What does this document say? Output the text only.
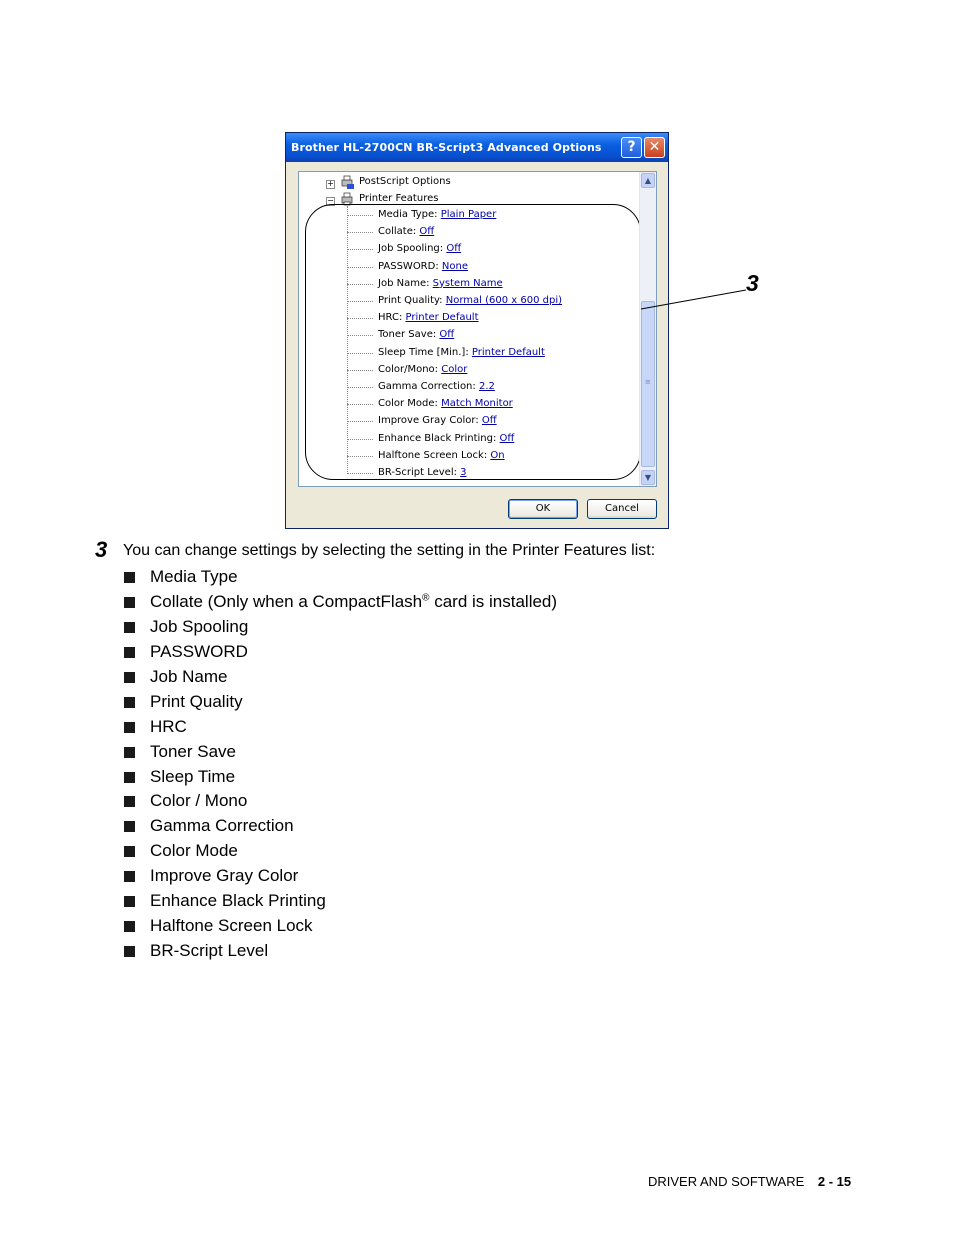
Brother HL-2700CN BR-Script3 Advanced Options	? ✕
+	PostScript Options
−	Printer Features
Media Type: Plain Paper
Collate: Off
Job Spooling: Off
PASSWORD: None
Job Name: System Name
Print Quality: Normal (600 x 600 dpi)
HRC: Printer Default
Toner Save: Off
Sleep Time [Min.]: Printer Default
Color/Mono: Color
Gamma Correction: 2.2
Color Mode: Match Monitor
Improve Gray Color: Off
Enhance Black Printing: Off
Halftone Screen Lock: On
BR-Script Level: 3
▲
≡
▼
OK	Cancel
3
3 You can change settings by selecting the setting in the Printer Features list:
Media Type
Collate (Only when a CompactFlash® card is installed)
Job Spooling
PASSWORD
Job Name
Print Quality
HRC
Toner Save
Sleep Time
Color / Mono
Gamma Correction
Color Mode
Improve Gray Color
Enhance Black Printing
Halftone Screen Lock
BR-Script Level
DRIVER AND SOFTWARE 2 - 15
